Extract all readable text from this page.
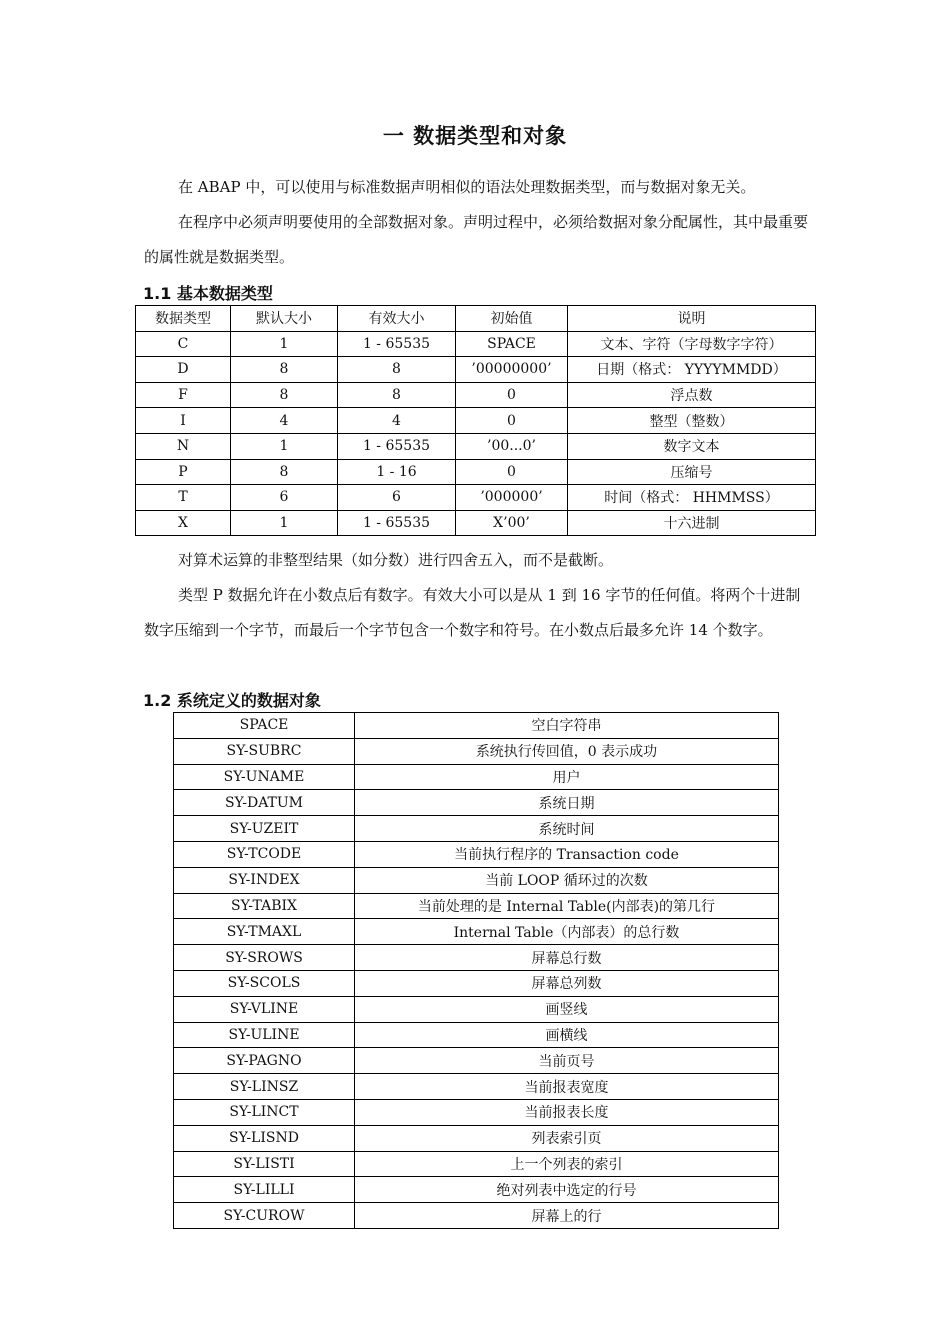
一 数据类型和对象

在 ABAP 中，可以使用与标准数据声明相似的语法处理数据类型，而与数据对象无关。

在程序中必须声明要使用的全部数据对象。声明过程中，必须给数据对象分配属性，其中最重要的属性就是数据类型。

1.1 基本数据类型
数据类型	默认大小	有效大小	初始值	说明
C	1	1 - 65535	SPACE	文本、字符（字母数字字符）
D	8	8	’00000000’	日期（格式： YYYYMMDD）
F	8	8	0	浮点数
I	4	4	0	整型（整数）
N	1	1 - 65535	’00...0’	数字文本
P	8	1 - 16	0	压缩号
T	6	6	’000000’	时间（格式： HHMMSS）
X	1	1 - 65535	X’00’	十六进制

对算术运算的非整型结果（如分数）进行四舍五入，而不是截断。

类型 P 数据允许在小数点后有数字。有效大小可以是从 1 到 16 字节的任何值。将两个十进制数字压缩到一个字节，而最后一个字节包含一个数字和符号。在小数点后最多允许 14 个数字。

1.2 系统定义的数据对象
SPACE	空白字符串
SY-SUBRC	系统执行传回值，0 表示成功
SY-UNAME	用户
SY-DATUM	系统日期
SY-UZEIT	系统时间
SY-TCODE	当前执行程序的 Transaction code
SY-INDEX	当前 LOOP 循环过的次数
SY-TABIX	当前处理的是 Internal Table(内部表)的第几行
SY-TMAXL	Internal Table（内部表）的总行数
SY-SROWS	屏幕总行数
SY-SCOLS	屏幕总列数
SY-VLINE	画竖线
SY-ULINE	画横线
SY-PAGNO	当前页号
SY-LINSZ	当前报表宽度
SY-LINCT	当前报表长度
SY-LISND	列表索引页
SY-LISTI	上一个列表的索引
SY-LILLI	绝对列表中选定的行号
SY-CUROW	屏幕上的行
